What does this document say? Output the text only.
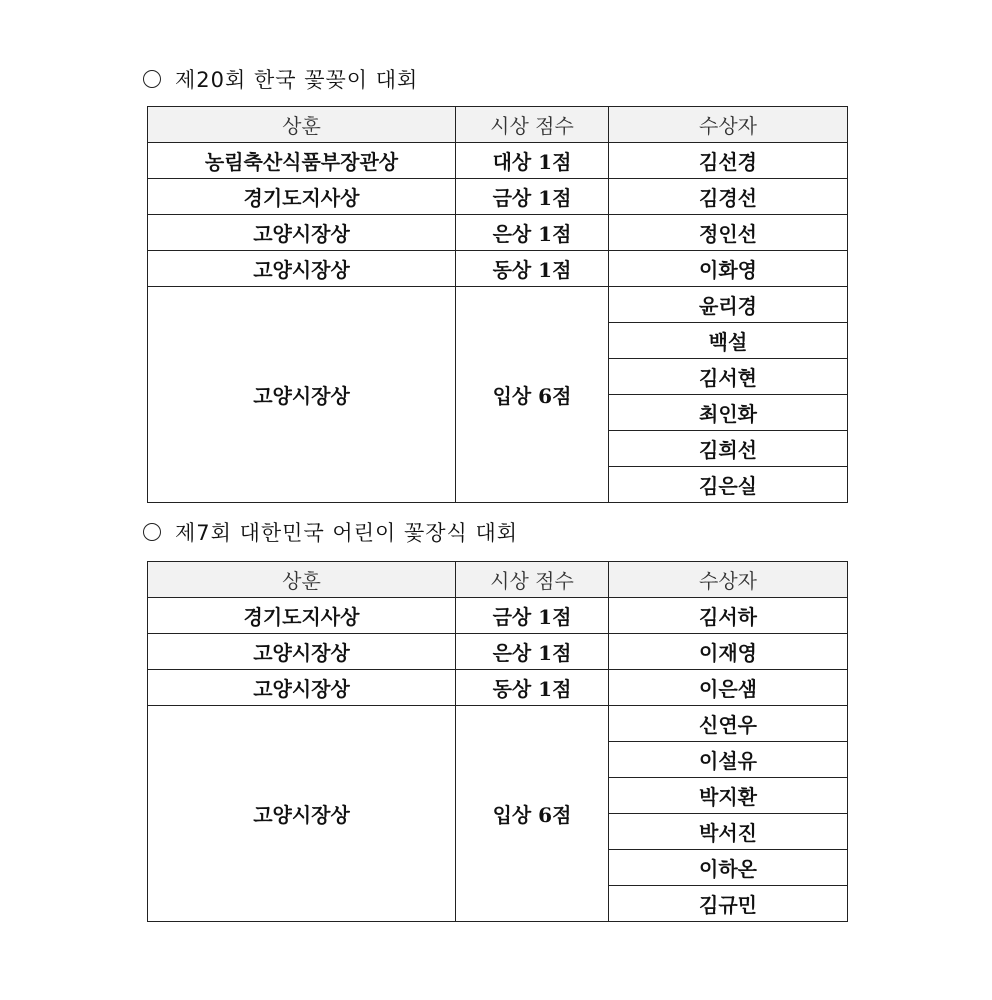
제20회 한국 꽃꽂이 대회
상훈	시상 점수	수상자
농림축산식품부장관상	대상 1점	김선경
경기도지사상	금상 1점	김경선
고양시장상	은상 1점	정인선
고양시장상	동상 1점	이화영
고양시장상	입상 6점	윤리경
		백설
		김서현
		최인화
		김희선
		김은실
제7회 대한민국 어린이 꽃장식 대회
상훈	시상 점수	수상자
경기도지사상	금상 1점	김서하
고양시장상	은상 1점	이재영
고양시장상	동상 1점	이은샘
고양시장상	입상 6점	신연우
		이설유
		박지환
		박서진
		이하온
		김규민
